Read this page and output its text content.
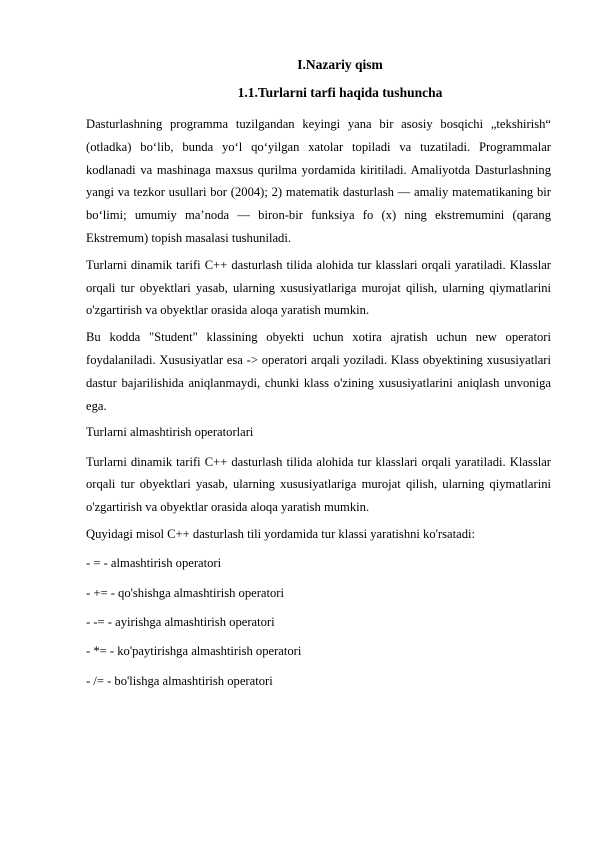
I.Nazariy qism
1.1.Turlarni tarfi haqida tushuncha

Dasturlashning programma tuzilgandan keyingi yana bir asosiy bosqichi „tekshirish“ (otladka) bo‘lib, bunda yo‘l qo‘yilgan xatolar topiladi va tuzatiladi. Programmalar kodlanadi va mashinaga maxsus qurilma yordamida kiritiladi. Amaliyotda Dasturlashning yangi va tezkor usullari bor (2004); 2) matematik dasturlash — amaliy matematikaning bir bo‘limi; umumiy ma’noda — biron-bir funksiya fo (x) ning ekstremumini (qarang Ekstremum) topish masalasi tushuniladi.

Turlarni dinamik tarifi C++ dasturlash tilida alohida tur klasslari orqali yaratiladi. Klasslar orqali tur obyektlari yasab, ularning xususiyatlariga murojat qilish, ularning qiymatlarini o'zgartirish va obyektlar orasida aloqa yaratish mumkin.

Bu kodda "Student" klassining obyekti uchun xotira ajratish uchun new operatori foydalaniladi. Xususiyatlar esa -> operatori arqali yoziladi. Klass obyektining xususiyatlari dastur bajarilishida aniqlanmaydi, chunki klass o'zining xususiyatlarini aniqlash unvoniga ega.

Turlarni almashtirish operatorlari

Turlarni dinamik tarifi C++ dasturlash tilida alohida tur klasslari orqali yaratiladi. Klasslar orqali tur obyektlari yasab, ularning xususiyatlariga murojat qilish, ularning qiymatlarini o'zgartirish va obyektlar orasida aloqa yaratish mumkin.

Quyidagi misol C++ dasturlash tili yordamida tur klassi yaratishni ko'rsatadi:

- = - almashtirish operatori

- += - qo'shishga almashtirish operatori

- -= - ayirishga almashtirish operatori

- *= - ko'paytirishga almashtirish operatori

- /= - bo'lishga almashtirish operatori
